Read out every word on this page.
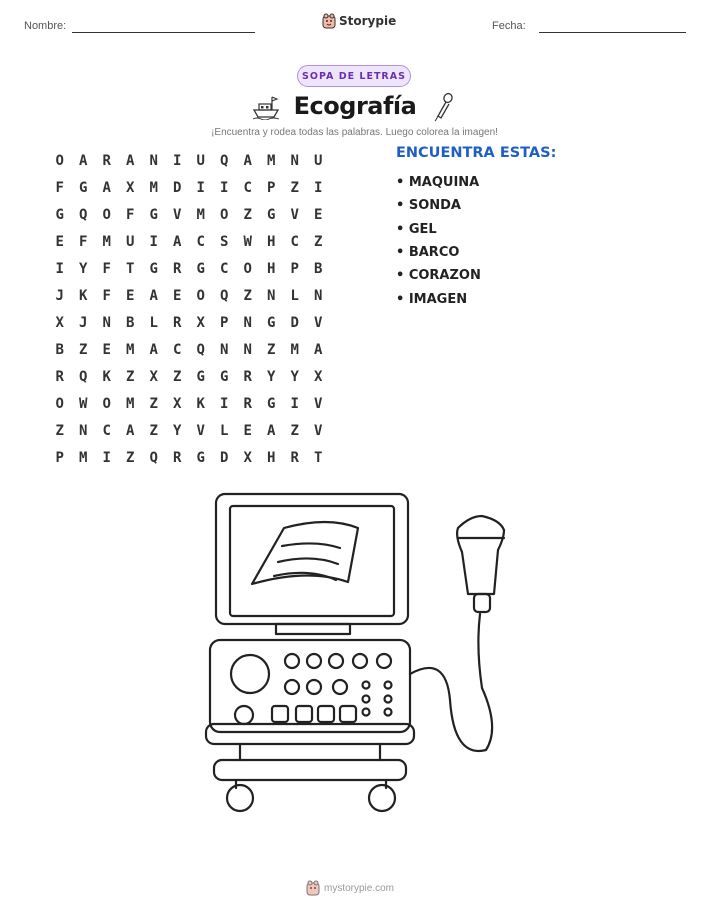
Nombre:	Storypie	Fecha:
SOPA DE LETRAS
Ecografía
¡Encuentra y rodea todas las palabras. Luego colorea la imagen!
O	A	R	A	N	I	U	Q	A	M	N	U
F	G	A	X	M	D	I	I	C	P	Z	I
G	Q	O	F	G	V	M	O	Z	G	V	E
E	F	M	U	I	A	C	S	W	H	C	Z
I	Y	F	T	G	R	G	C	O	H	P	B
J	K	F	E	A	E	O	Q	Z	N	L	N
X	J	N	B	L	R	X	P	N	G	D	V
B	Z	E	M	A	C	Q	N	N	Z	M	A
R	Q	K	Z	X	Z	G	G	R	Y	Y	X
O	W	O	M	Z	X	K	I	R	G	I	V
Z	N	C	A	Z	Y	V	L	E	A	Z	V
P	M	I	Z	Q	R	G	D	X	H	R	T
ENCUENTRA ESTAS:
• MAQUINA
• SONDA
• GEL
• BARCO
• CORAZON
• IMAGEN
mystorypie.com
